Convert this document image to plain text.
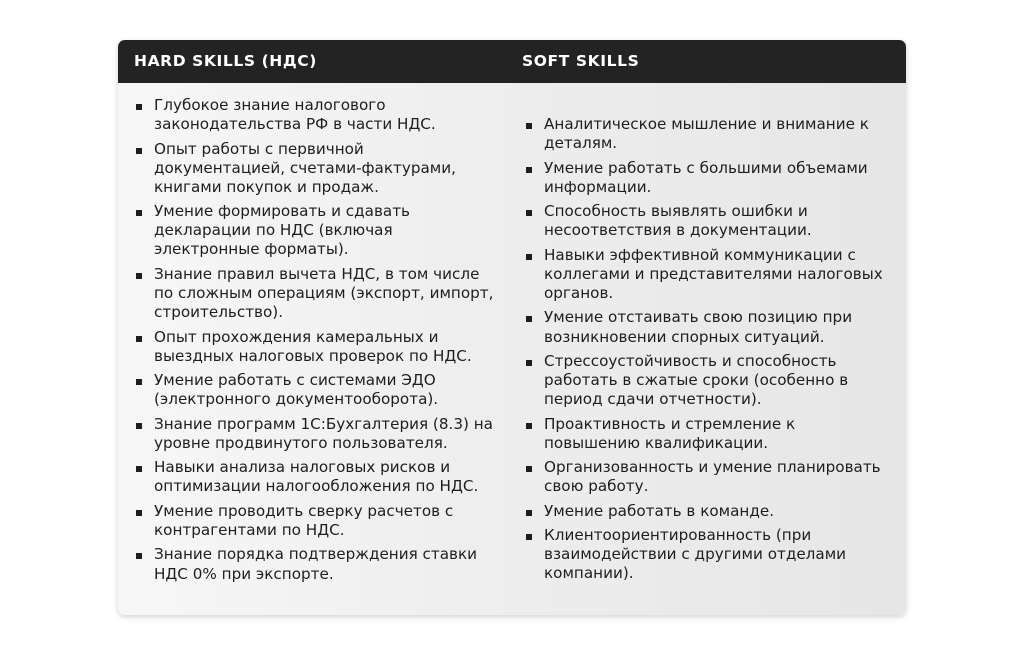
HARD SKILLS (НДС)	SOFT SKILLS
Глубокое знание налогового законодательства РФ в части НДС.
Опыт работы с первичной документацией, счетами-фактурами, книгами покупок и продаж.
Умение формировать и сдавать декларации по НДС (включая электронные форматы).
Знание правил вычета НДС, в том числе по сложным операциям (экспорт, импорт, строительство).
Опыт прохождения камеральных и выездных налоговых проверок по НДС.
Умение работать с системами ЭДО (электронного документооборота).
Знание программ 1С:Бухгалтерия (8.3) на уровне продвинутого пользователя.
Навыки анализа налоговых рисков и оптимизации налогообложения по НДС.
Умение проводить сверку расчетов с контрагентами по НДС.
Знание порядка подтверждения ставки НДС 0% при экспорте.
Аналитическое мышление и внимание к деталям.
Умение работать с большими объемами информации.
Способность выявлять ошибки и несоответствия в документации.
Навыки эффективной коммуникации с коллегами и представителями налоговых органов.
Умение отстаивать свою позицию при возникновении спорных ситуаций.
Стрессоустойчивость и способность работать в сжатые сроки (особенно в период сдачи отчетности).
Проактивность и стремление к повышению квалификации.
Организованность и умение планировать свою работу.
Умение работать в команде.
Клиентоориентированность (при взаимодействии с другими отделами компании).
